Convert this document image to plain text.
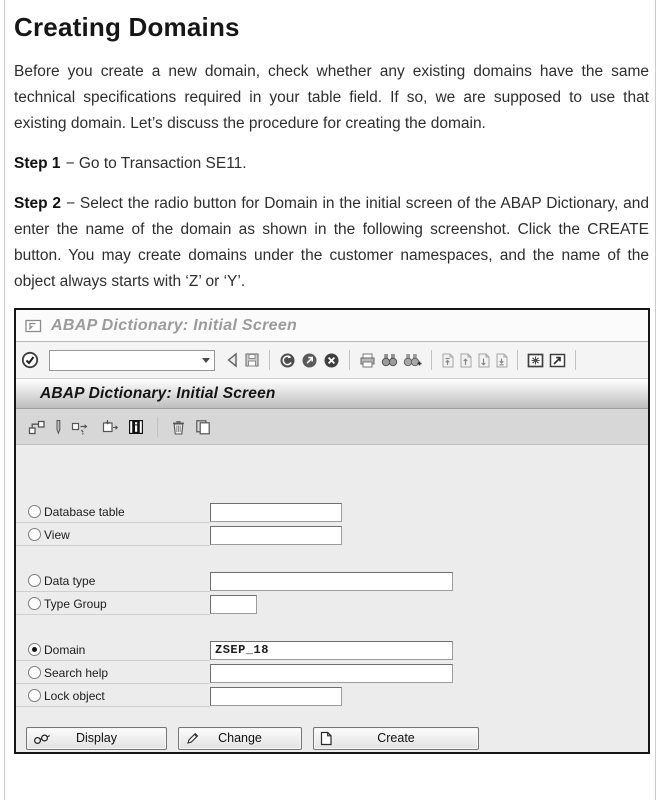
Creating Domains

Before you create a new domain, check whether any existing domains have the same technical specifications required in your table field. If so, we are supposed to use that existing domain. Let’s discuss the procedure for creating the domain.

Step 1 − Go to Transaction SE11.

Step 2 − Select the radio button for Domain in the initial screen of the ABAP Dictionary, and enter the name of the domain as shown in the following screenshot. Click the CREATE button. You may create domains under the customer namespaces, and the name of the object always starts with ‘Z’ or ‘Y’.

ABAP Dictionary: Initial Screen
ABAP Dictionary: Initial Screen
Database table
View
Data type
Type Group
Domain
ZSEP_18
Search help
Lock object
Display	Change	Create
